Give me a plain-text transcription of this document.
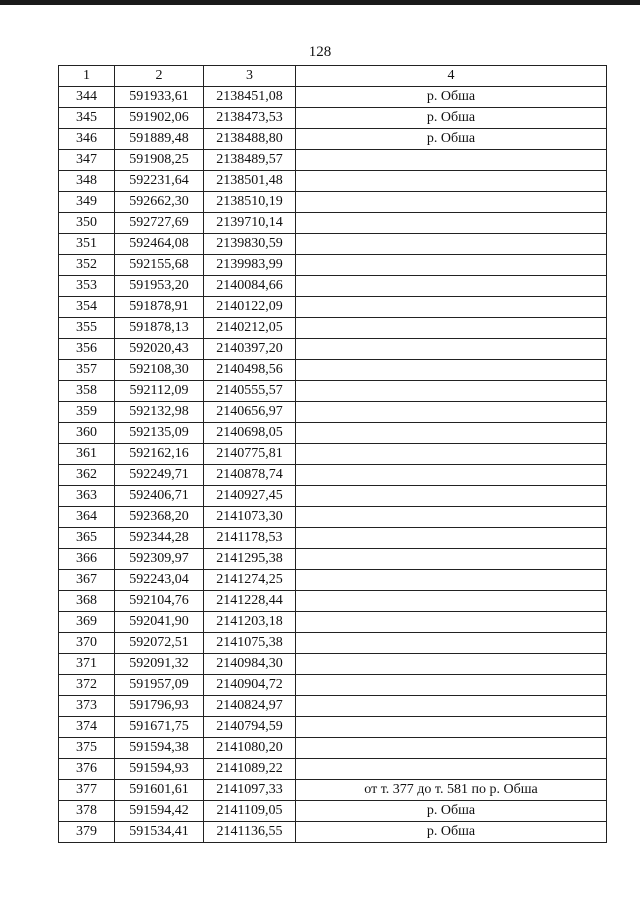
128
1	2	3	4
344	591933,61	2138451,08	р. Обша
345	591902,06	2138473,53	р. Обша
346	591889,48	2138488,80	р. Обша
347	591908,25	2138489,57	
348	592231,64	2138501,48	
349	592662,30	2138510,19	
350	592727,69	2139710,14	
351	592464,08	2139830,59	
352	592155,68	2139983,99	
353	591953,20	2140084,66	
354	591878,91	2140122,09	
355	591878,13	2140212,05	
356	592020,43	2140397,20	
357	592108,30	2140498,56	
358	592112,09	2140555,57	
359	592132,98	2140656,97	
360	592135,09	2140698,05	
361	592162,16	2140775,81	
362	592249,71	2140878,74	
363	592406,71	2140927,45	
364	592368,20	2141073,30	
365	592344,28	2141178,53	
366	592309,97	2141295,38	
367	592243,04	2141274,25	
368	592104,76	2141228,44	
369	592041,90	2141203,18	
370	592072,51	2141075,38	
371	592091,32	2140984,30	
372	591957,09	2140904,72	
373	591796,93	2140824,97	
374	591671,75	2140794,59	
375	591594,38	2141080,20	
376	591594,93	2141089,22	
377	591601,61	2141097,33	от т. 377 до т. 581 по р. Обша
378	591594,42	2141109,05	р. Обша
379	591534,41	2141136,55	р. Обша
